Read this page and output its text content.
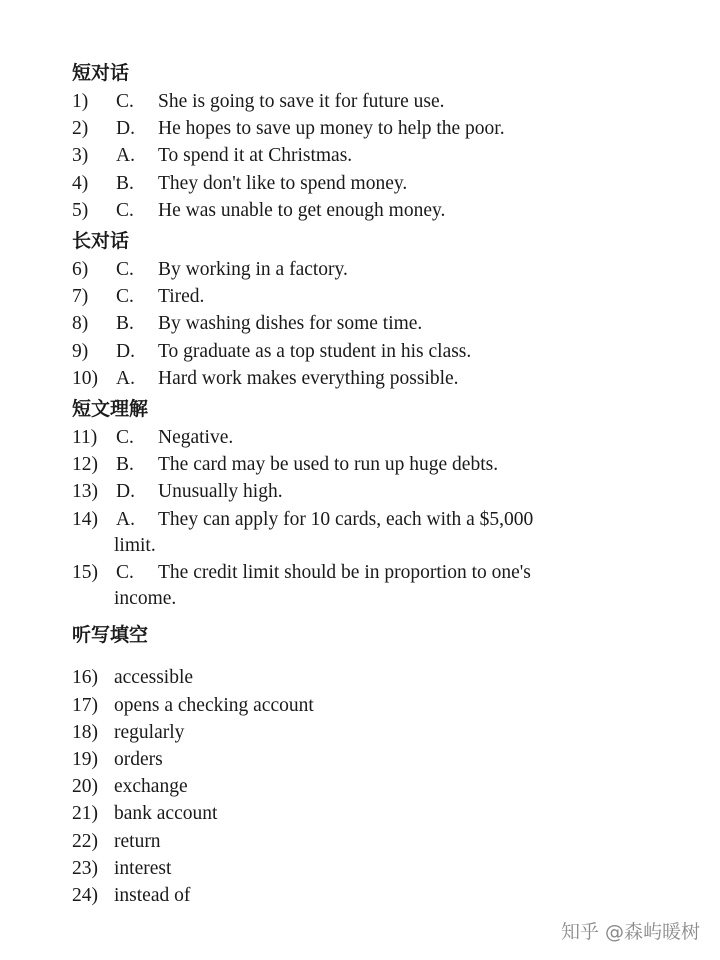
短对话
1)	C.	She is going to save it for future use.
2)	D.	He hopes to save up money to help the poor.
3)	A.	To spend it at Christmas.
4)	B.	They don't like to spend money.
5)	C.	He was unable to get enough money.
长对话
6)	C.	By working in a factory.
7)	C.	Tired.
8)	B.	By washing dishes for some time.
9)	D.	To graduate as a top student in his class.
10) A.	Hard work makes everything possible.
短文理解
11) C.	Negative.
12) B.	The card may be used to run up huge debts.
13) D.	Unusually high.
14) A.	They can apply for 10 cards, each with a $5,000
limit.
15) C.	The credit limit should be in proportion to one's
income.
听写填空
16) accessible
17) opens a checking account
18) regularly
19) orders
20) exchange
21) bank account
22) return
23) interest
24) instead of
知乎 @森屿暖树
